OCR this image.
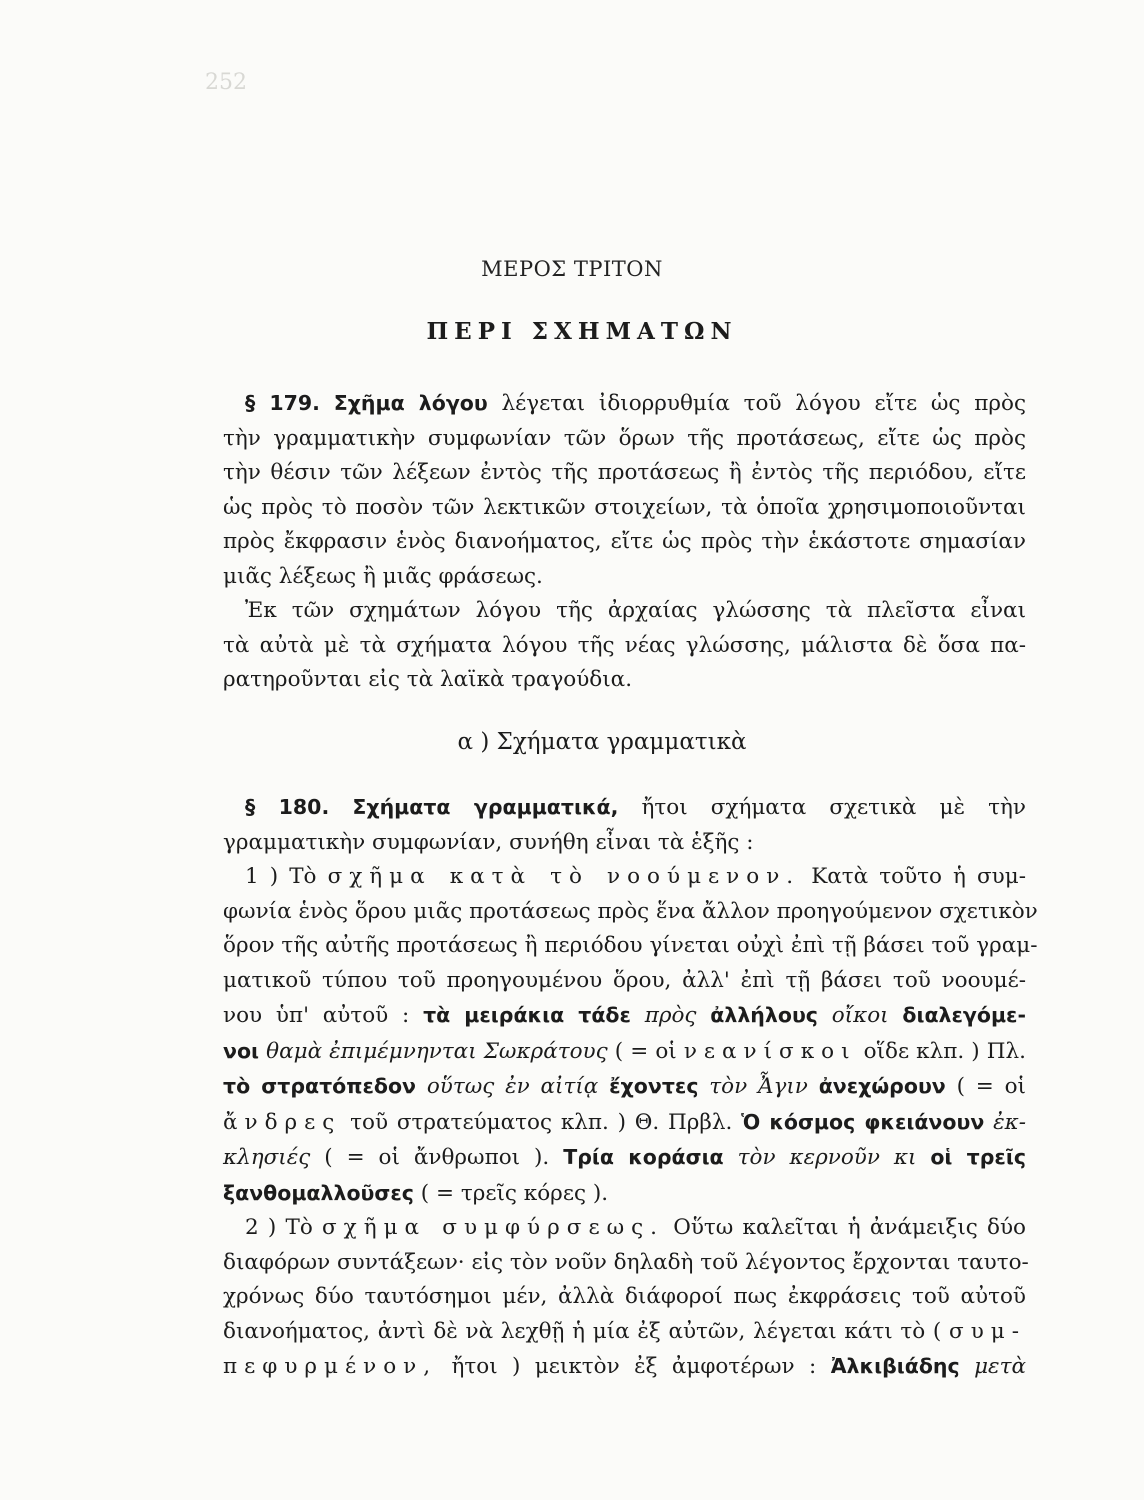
252
ΜΕΡΟΣ ΤΡΙΤΟΝ
ΠΕΡΙ ΣΧΗΜΑΤΩΝ

§ 179. Σχῆμα λόγου λέγεται ἰδιορρυθμία τοῦ λόγου εἴτε ὡς πρὸς

τὴν γραμματικὴν συμφωνίαν τῶν ὅρων τῆς προτάσεως, εἴτε ὡς πρὸς

τὴν θέσιν τῶν λέξεων ἐντὸς τῆς προτάσεως ἢ ἐντὸς τῆς περιόδου, εἴτε

ὡς πρὸς τὸ ποσὸν τῶν λεκτικῶν στοιχείων, τὰ ὁποῖα χρησιμοποιοῦνται

πρὸς ἔκφρασιν ἑνὸς διανοήματος, εἴτε ὡς πρὸς τὴν ἑκάστοτε σημασίαν

μιᾶς λέξεως ἢ μιᾶς φράσεως.

Ἐκ τῶν σχημάτων λόγου τῆς ἀρχαίας γλώσσης τὰ πλεῖστα εἶναι

τὰ αὐτὰ μὲ τὰ σχήματα λόγου τῆς νέας γλώσσης, μάλιστα δὲ ὅσα πα-

ρατηροῦνται εἰς τὰ λαϊκὰ τραγούδια.

α ) Σχήματα γραμματικὰ

§ 180. Σχήματα γραμματικά, ἤτοι σχήματα σχετικὰ μὲ τὴν

γραμματικὴν συμφωνίαν, συνήθη εἶναι τὰ ἑξῆς :

1 ) Τὸ σχῆμα κατὰ τὸ νοούμενον. Κατὰ τοῦτο ἡ συμ-

φωνία ἑνὸς ὅρου μιᾶς προτάσεως πρὸς ἕνα ἄλλον προηγούμενον σχετικὸν

ὅρον τῆς αὐτῆς προτάσεως ἢ περιόδου γίνεται οὐχὶ ἐπὶ τῇ βάσει τοῦ γραμ-

ματικοῦ τύπου τοῦ προηγουμένου ὅρου, ἀλλ' ἐπὶ τῇ βάσει τοῦ νοουμέ-

νου ὑπ' αὐτοῦ : τὰ μειράκια τάδε πρὸς ἀλλήλους οἴκοι διαλεγόμε-

νοι θαμὰ ἐπιμέμνηνται Σωκράτους ( = οἱ νεανίσκοι οἵδε κλπ. ) Πλ.

τὸ στρατόπεδον οὕτως ἐν αἰτίᾳ ἔχοντες τὸν Ἆγιν ἀνεχώρουν ( = οἱ

ἄνδρες τοῦ στρατεύματος κλπ. ) Θ. Πρβλ. Ὁ κόσμος φκειάνουν ἐκ-

κλησιές ( = οἱ ἄνθρωποι ). Τρία κοράσια τὸν κερνοῦν κι οἱ τρεῖς

ξανθομαλλοῦσες ( = τρεῖς κόρες ).

2 ) Τὸ σχῆμα συμφύρσεως. Οὕτω καλεῖται ἡ ἀνάμειξις δύο

διαφόρων συντάξεων· εἰς τὸν νοῦν δηλαδὴ τοῦ λέγοντος ἔρχονται ταυτο-

χρόνως δύο ταυτόσημοι μέν, ἀλλὰ διάφοροί πως ἐκφράσεις τοῦ αὐτοῦ

διανοήματος, ἀντὶ δὲ νὰ λεχθῇ ἡ μία ἐξ αὐτῶν, λέγεται κάτι τὸ ( συμ-

πεφυρμένον, ἤτοι ) μεικτὸν ἐξ ἀμφοτέρων : Ἀλκιβιάδης μετὰ
